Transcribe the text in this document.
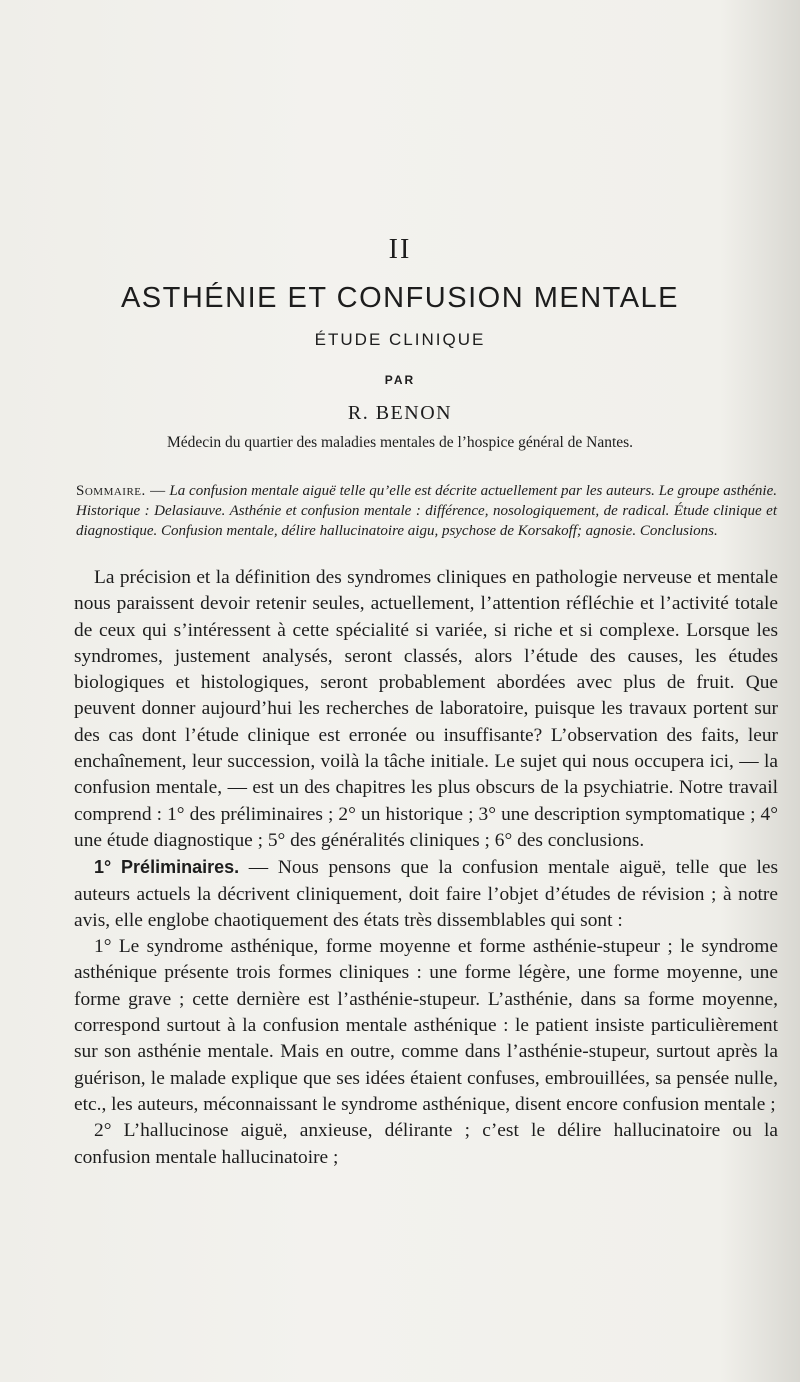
II
ASTHÉNIE ET CONFUSION MENTALE
ÉTUDE CLINIQUE
PAR
R. BENON
Médecin du quartier des maladies mentales de l’hospice général de Nantes.
Sommaire. — La confusion mentale aiguë telle qu’elle est décrite actuellement par les auteurs. Le groupe asthénie. Historique : Delasiauve. Asthénie et confusion mentale : différence, nosologiquement, de radical. Étude clinique et diagnostique. Confusion mentale, délire hallucinatoire aigu, psychose de Korsakoff; agnosie. Conclusions.

La précision et la définition des syndromes cliniques en pathologie nerveuse et mentale nous paraissent devoir retenir seules, actuellement, l’attention réfléchie et l’activité totale de ceux qui s’intéressent à cette spécialité si variée, si riche et si complexe. Lorsque les syndromes, justement analysés, seront classés, alors l’étude des causes, les études biologiques et histologiques, seront probablement abordées avec plus de fruit. Que peuvent donner aujourd’hui les recherches de laboratoire, puisque les travaux portent sur des cas dont l’étude clinique est erronée ou insuffisante? L’observation des faits, leur enchaînement, leur succession, voilà la tâche initiale. Le sujet qui nous occupera ici, — la confusion mentale, — est un des chapitres les plus obscurs de la psychiatrie. Notre travail comprend : 1° des préliminaires ; 2° un historique ; 3° une description symptomatique ; 4° une étude diagnostique ; 5° des généralités cliniques ; 6° des conclusions.

1° Préliminaires. — Nous pensons que la confusion mentale aiguë, telle que les auteurs actuels la décrivent cliniquement, doit faire l’objet d’études de révision ; à notre avis, elle englobe chaotiquement des états très dissemblables qui sont :

1° Le syndrome asthénique, forme moyenne et forme asthénie-stupeur ; le syndrome asthénique présente trois formes cliniques : une forme légère, une forme moyenne, une forme grave ; cette dernière est l’asthénie-stupeur. L’asthénie, dans sa forme moyenne, correspond surtout à la confusion mentale asthénique : le patient insiste particulièrement sur son asthénie mentale. Mais en outre, comme dans l’asthénie-stupeur, surtout après la guérison, le malade explique que ses idées étaient confuses, embrouillées, sa pensée nulle, etc., les auteurs, méconnaissant le syndrome asthénique, disent encore confusion mentale ;

2° L’hallucinose aiguë, anxieuse, délirante ; c’est le délire hallucinatoire ou la confusion mentale hallucinatoire ;
